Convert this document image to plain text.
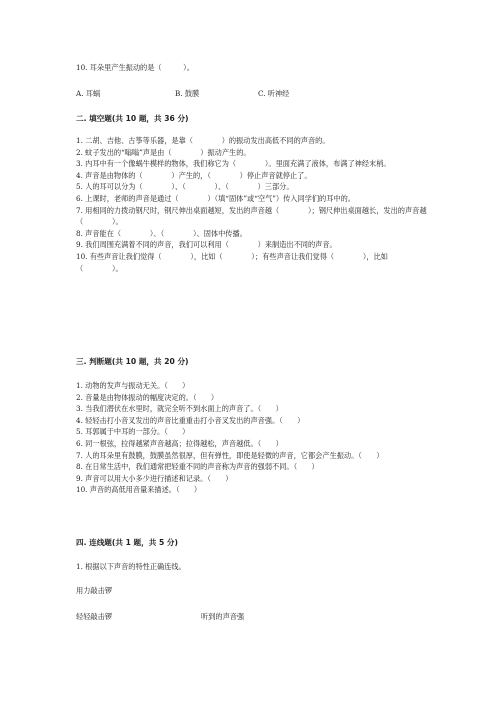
10. 耳朵里产生振动的是（　　　）。
A. 耳蜗	B. 鼓膜	C. 听神经
二. 填空题(共 10 题，共 36 分)

1. 二胡、吉他、古筝等乐器，是靠（　　　　）的振动发出高低不同的声音的。

2. 蚊子发出的“嗡嗡”声是由（　　　　）振动产生的。

3. 内耳中有一个像蜗牛模样的物体，我们称它为（　　　　）。里面充满了液体，布满了神经末梢。

4. 声音是由物体的（　　　　）产生的，（　　　　）停止声音就停止了。

5. 人的耳可以分为（　　　　）、（　　　　）、（　　　　）三部分。

6. 上课时，老师的声音是通过（　　　　）（填“固体”或“空气”）传入同学们的耳中的。

7. 用相同的力拨动钢尺时，钢尺伸出桌面越短，发出的声音越（　　　　）；钢尺伸出桌面越长，发出的声音越（　　　　）。

8. 声音能在（　　　　）、（　　　　）、固体中传播。

9. 我们周围充满着不同的声音，我们可以利用（　　　　）来制造出不同的声音。

10. 有些声音让我们觉得（　　　　），比如（　　　　）；有些声音让我们觉得（　　　　），比如（　　　　）。

三. 判断题(共 10 题，共 20 分)

1. 动物的发声与振动无关。（　　）

2. 音量是由物体振动的幅度决定的。（　　）

3. 当我们潜伏在水里时，就完全听不到水面上的声音了。（　　）

4. 轻轻击打小音叉发出的声音比重重击打小音叉发出的声音强。（　　）

5. 耳郭属于中耳的一部分。（　　）

6. 同一根弦，拉得越紧声音越高；拉得越松，声音越低。（　　）

7. 人的耳朵里有鼓膜，鼓膜虽然很厚，但有弹性，即使是轻微的声音，它都会产生振动。（　　）

8. 在日常生活中，我们通常把轻重不同的声音称为声音的强弱不同。（　　）

9. 声音可以用大小多少进行描述和记录。（　　）

10. 声音的高低用音量来描述。（　　）

四. 连线题(共 1 题，共 5 分)
1. 根据以下声音的特性正确连线。
用力敲击锣
轻轻敲击锣	听到的声音强
